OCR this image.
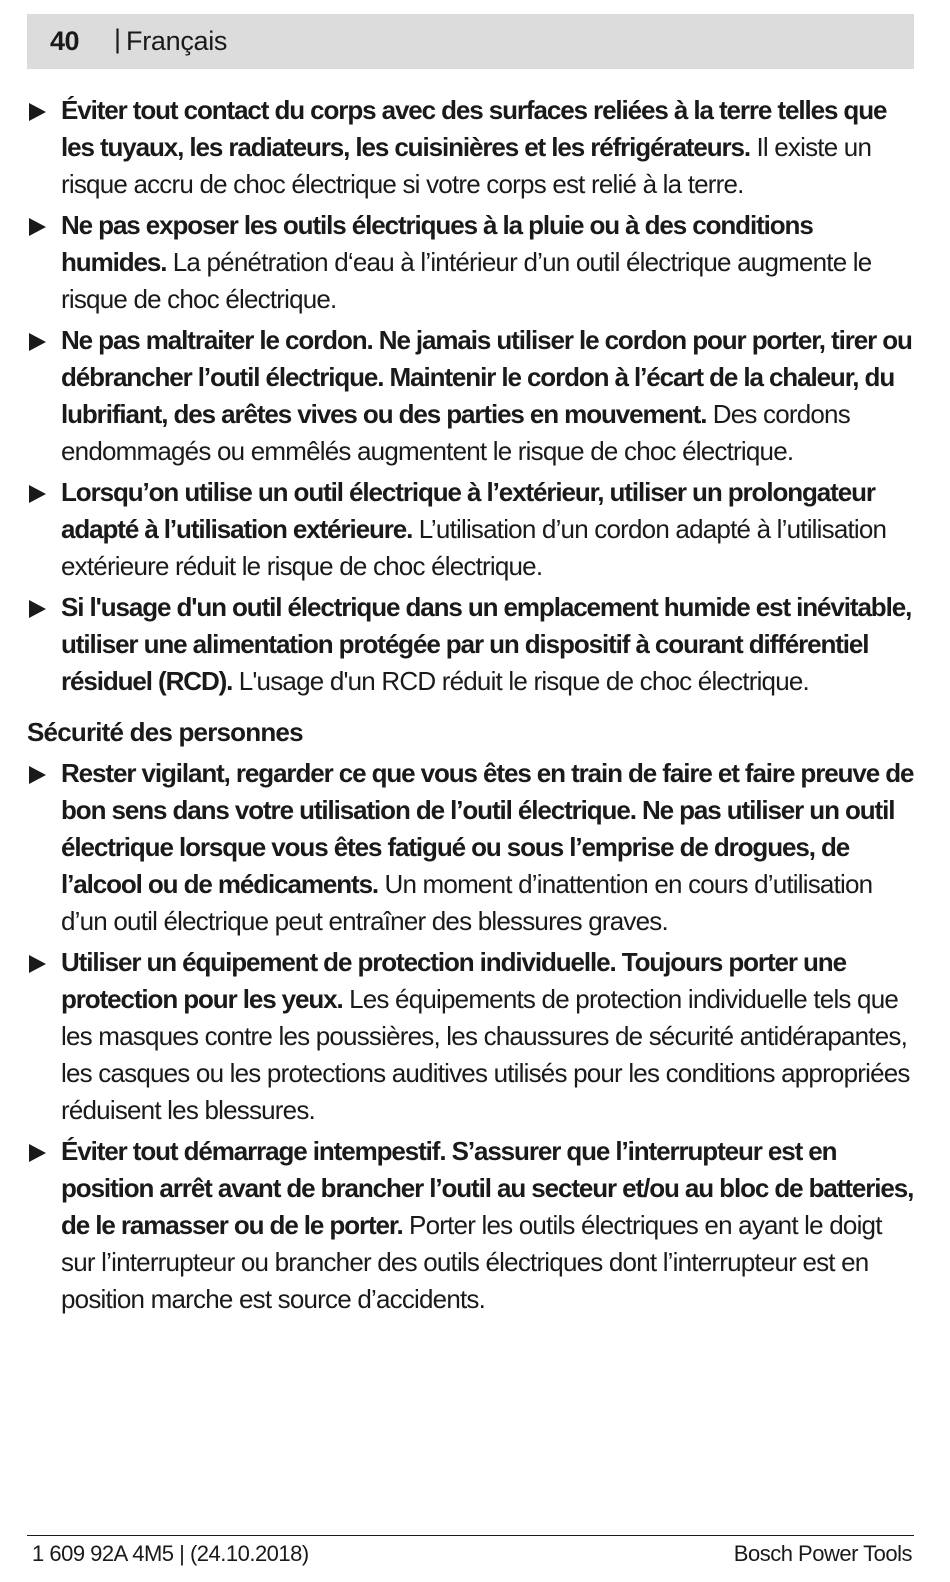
40 | Français
Éviter tout contact du corps avec des surfaces reliées à la terre telles que les tuyaux, les radiateurs, les cuisinières et les réfrigérateurs. Il existe un risque accru de choc électrique si votre corps est relié à la terre.
Ne pas exposer les outils électriques à la pluie ou à des conditions humides. La pénétration d‘eau à l’intérieur d’un outil électrique augmente le risque de choc électrique.
Ne pas maltraiter le cordon. Ne jamais utiliser le cordon pour porter, tirer ou débrancher l’outil électrique. Maintenir le cordon à l’écart de la chaleur, du lubrifiant, des arêtes vives ou des parties en mouvement. Des cordons endommagés ou emmêlés augmentent le risque de choc électrique.
Lorsqu’on utilise un outil électrique à l’extérieur, utiliser un prolongateur adapté à l’utilisation extérieure. L’utilisation d’un cordon adapté à l’utilisation extérieure réduit le risque de choc électrique.
Si l'usage d'un outil électrique dans un emplacement humide est inévitable, utiliser une alimentation protégée par un dispositif à courant différentiel résiduel (RCD). L'usage d'un RCD réduit le risque de choc électrique.
Sécurité des personnes
Rester vigilant, regarder ce que vous êtes en train de faire et faire preuve de bon sens dans votre utilisation de l’outil électrique. Ne pas utiliser un outil électrique lorsque vous êtes fatigué ou sous l’emprise de drogues, de l’alcool ou de médicaments. Un moment d’inattention en cours d’utilisation d’un outil électrique peut entraîner des blessures graves.
Utiliser un équipement de protection individuelle. Toujours porter une protection pour les yeux. Les équipements de protection individuelle tels que les masques contre les poussières, les chaussures de sécurité antidérapantes, les casques ou les protections auditives utilisés pour les conditions appropriées réduisent les blessures.
Éviter tout démarrage intempestif. S’assurer que l’interrupteur est en position arrêt avant de brancher l’outil au secteur et/ou au bloc de batteries, de le ramasser ou de le porter. Porter les outils électriques en ayant le doigt sur l’interrupteur ou brancher des outils électriques dont l’interrupteur est en position marche est source d’accidents.
1 609 92A 4M5 | (24.10.2018)	Bosch Power Tools
